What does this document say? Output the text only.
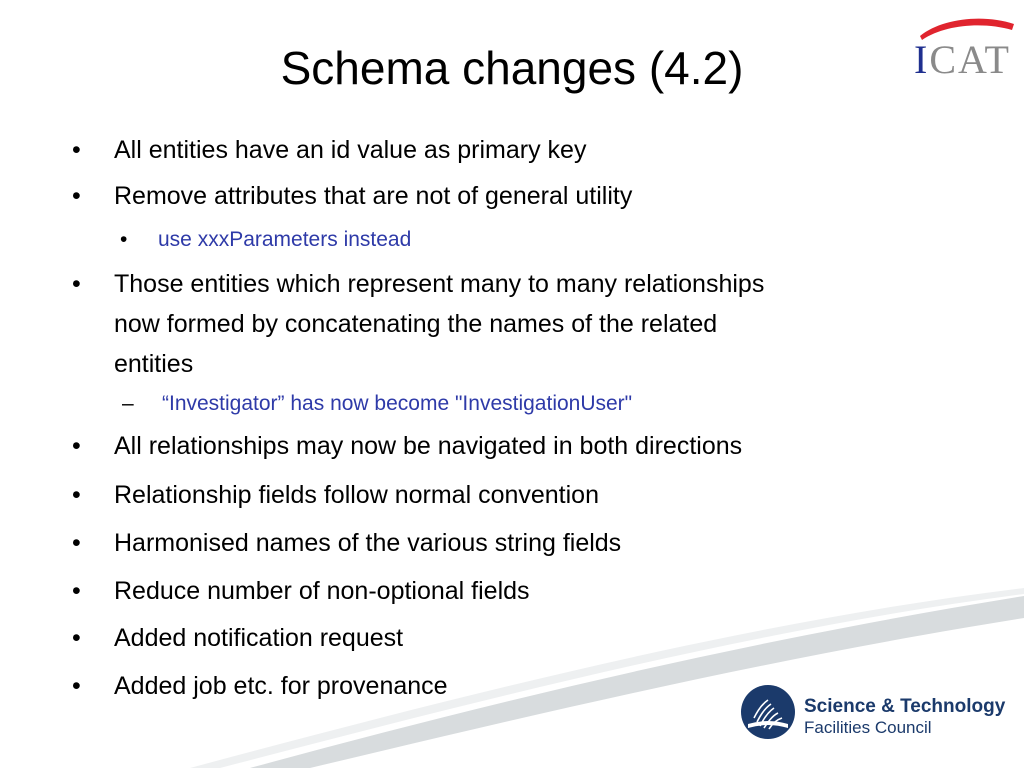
Schema changes (4.2)	ICAT
• All entities have an id value as primary key
• Remove attributes that are not of general utility
• use xxxParameters instead
• Those entities which represent many to many relationships
now formed by concatenating the names of the related
entities
– “Investigator” has now become "InvestigationUser"
• All relationships may now be navigated in both directions
• Relationship fields follow normal convention
• Harmonised names of the various string fields
• Reduce number of non-optional fields
• Added notification request
• Added job etc. for provenance
Science & Technology
Facilities Council
